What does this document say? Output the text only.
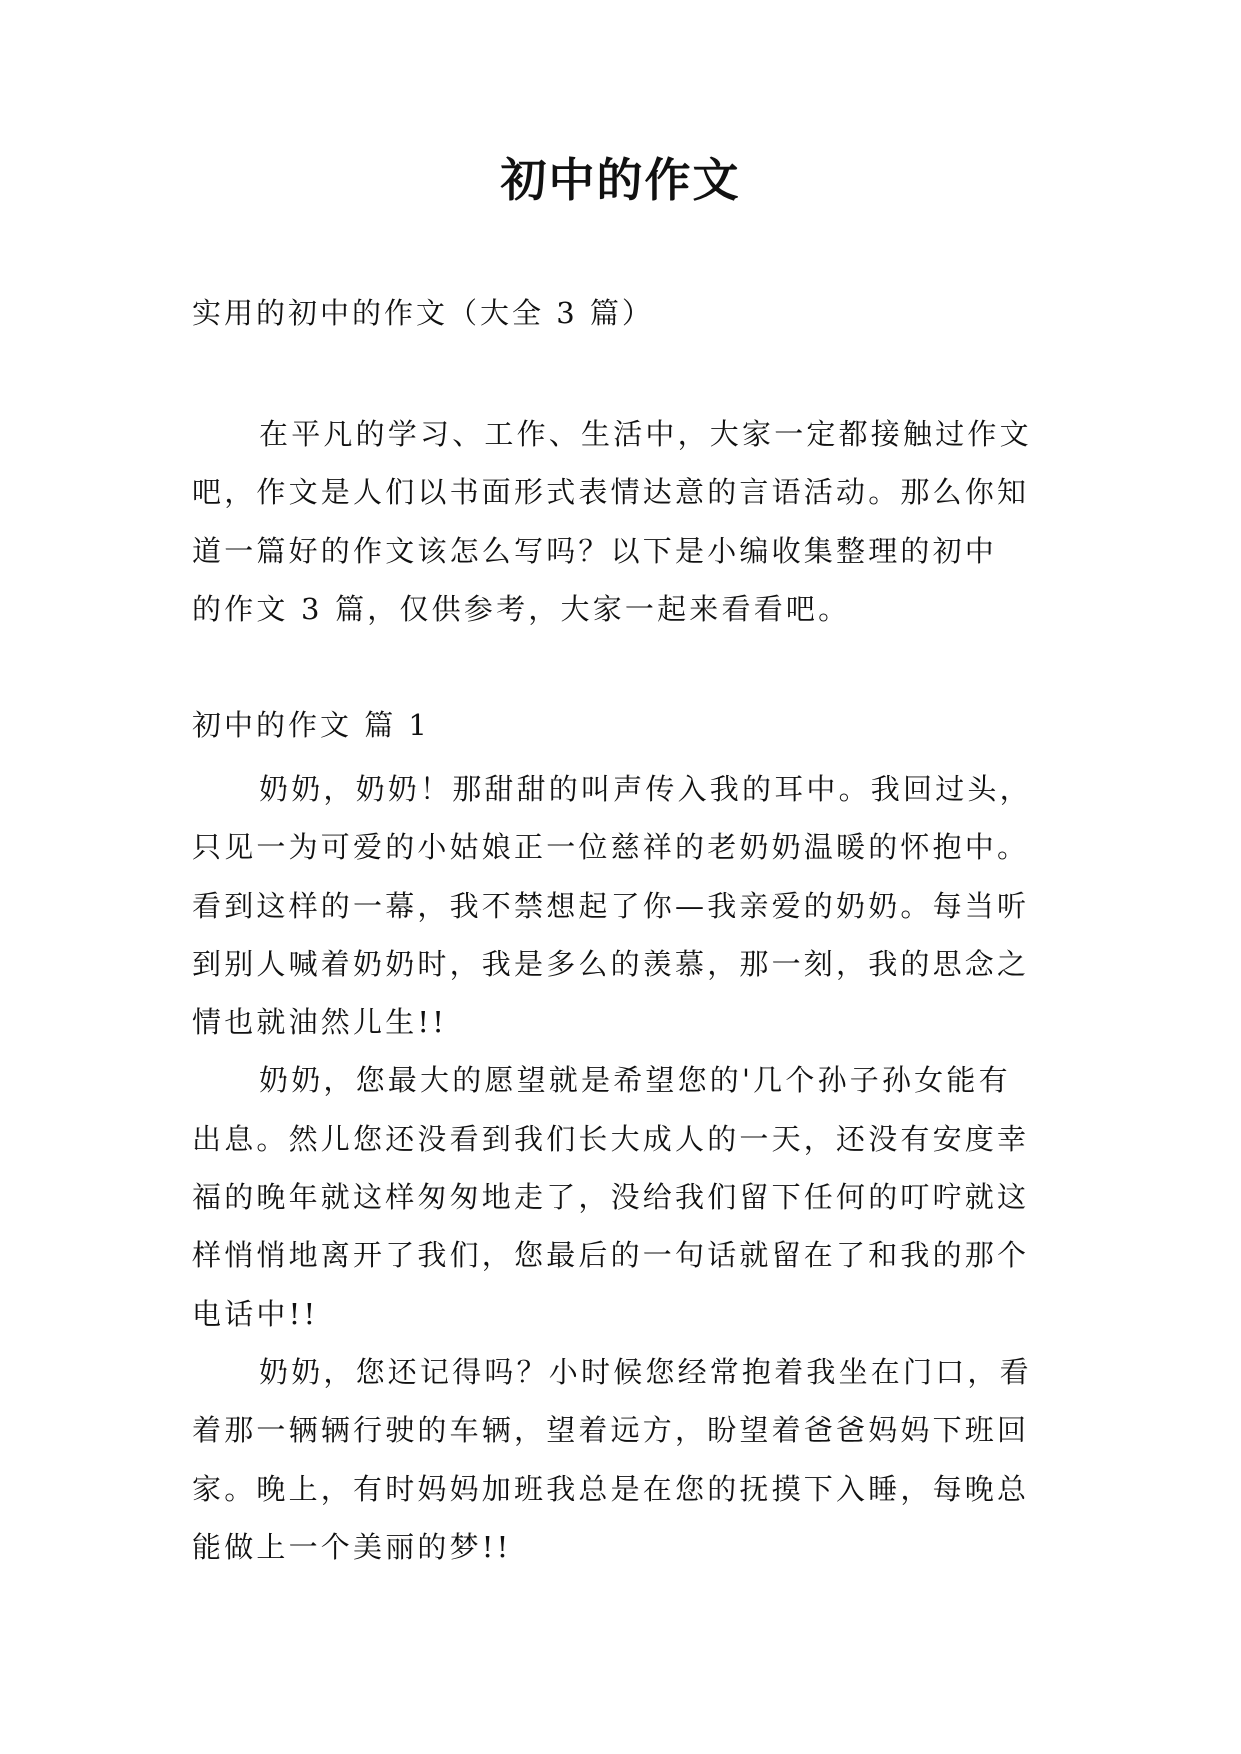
初中的作文
实用的初中的作文（大全 3 篇）
在平凡的学习、工作、生活中，大家一定都接触过作文
吧，作文是人们以书面形式表情达意的言语活动。那么你知
道一篇好的作文该怎么写吗？以下是小编收集整理的初中
的作文 3 篇，仅供参考，大家一起来看看吧。
初中的作文 篇 1
奶奶，奶奶！那甜甜的叫声传入我的耳中。我回过头，
只见一为可爱的小姑娘正一位慈祥的老奶奶温暖的怀抱中。
看到这样的一幕，我不禁想起了你—我亲爱的奶奶。每当听
到别人喊着奶奶时，我是多么的羡慕，那一刻，我的思念之
情也就油然儿生!!
奶奶，您最大的愿望就是希望您的'几个孙子孙女能有
出息。然儿您还没看到我们长大成人的一天，还没有安度幸
福的晚年就这样匆匆地走了，没给我们留下任何的叮咛就这
样悄悄地离开了我们，您最后的一句话就留在了和我的那个
电话中!!
奶奶，您还记得吗？小时候您经常抱着我坐在门口，看
着那一辆辆行驶的车辆，望着远方，盼望着爸爸妈妈下班回
家。晚上，有时妈妈加班我总是在您的抚摸下入睡，每晚总
能做上一个美丽的梦!!
